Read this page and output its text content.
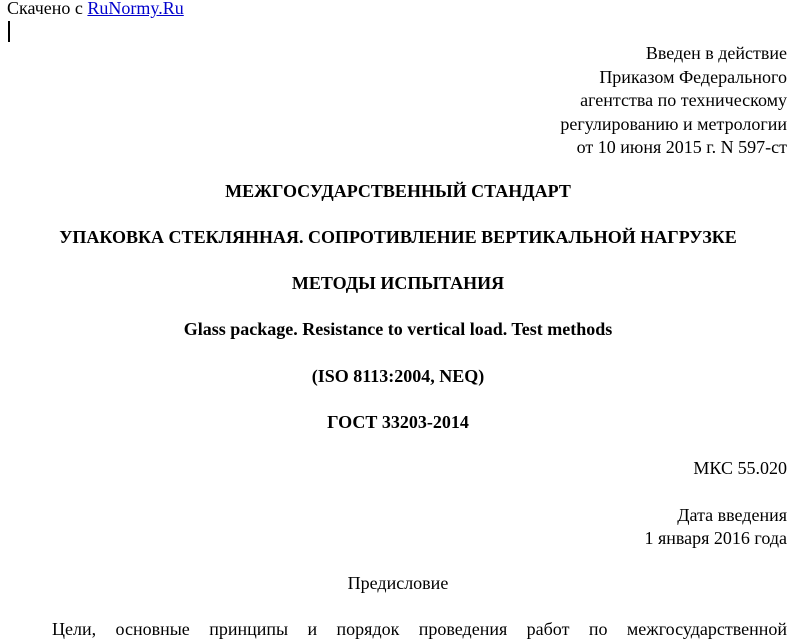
Скачено с RuNormy.Ru
Введен в действие
Приказом Федерального
агентства по техническому
регулированию и метрологии
от 10 июня 2015 г. N 597-ст
МЕЖГОСУДАРСТВЕННЫЙ СТАНДАРТ
УПАКОВКА СТЕКЛЯННАЯ. СОПРОТИВЛЕНИЕ ВЕРТИКАЛЬНОЙ НАГРУЗКЕ
МЕТОДЫ ИСПЫТАНИЯ
Glass package. Resistance to vertical load. Test methods
(ISO 8113:2004, NEQ)
ГОСТ 33203-2014
МКС 55.020
Дата введения
1 января 2016 года
Предисловие
Цели, основные принципы и порядок проведения работ по межгосударственной
